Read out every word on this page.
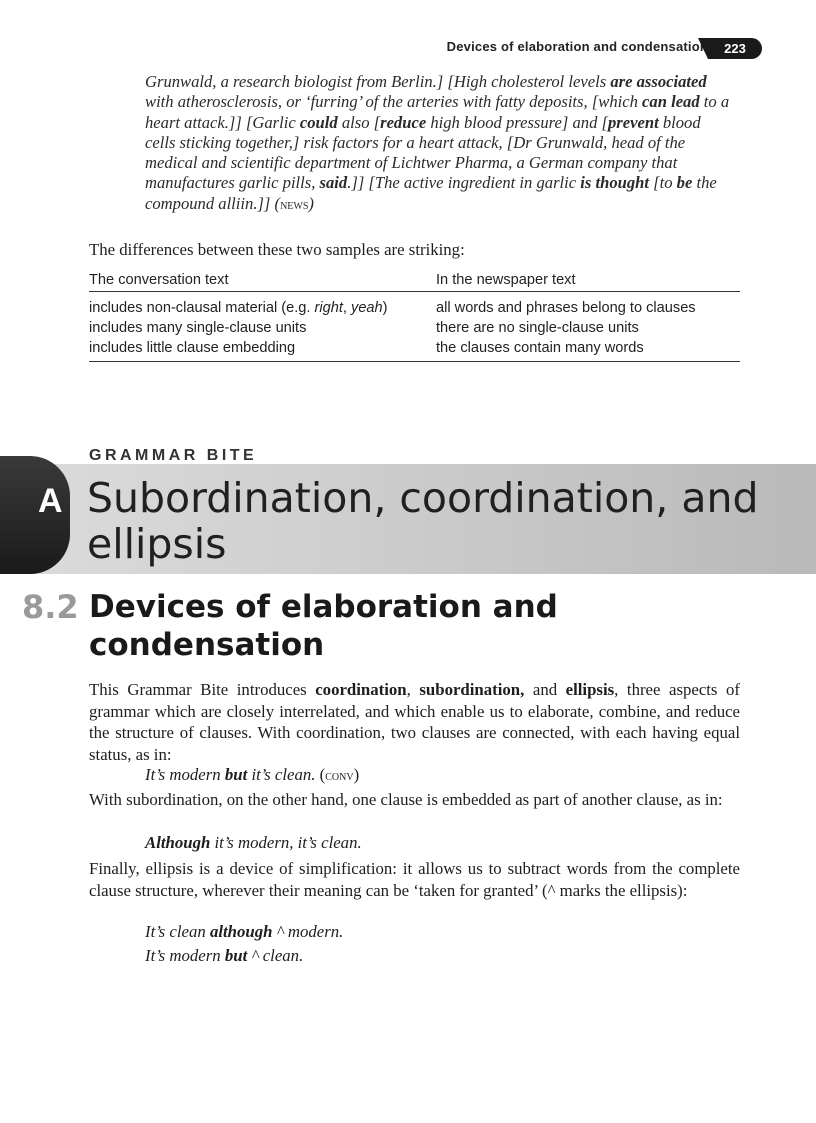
Devices of elaboration and condensation	223
Grunwald, a research biologist from Berlin.] [High cholesterol levels are associated with atherosclerosis, or ‘furring’ of the arteries with fatty deposits, [which can lead to a heart attack.]] [Garlic could also [reduce high blood pressure] and [prevent blood cells sticking together,] risk factors for a heart attack, [Dr Grunwald, head of the medical and scientific department of Lichtwer Pharma, a German company that manufactures garlic pills, said.]] [The active ingredient in garlic is thought [to be the compound alliin.]] (news)
The differences between these two samples are striking:
The conversation text	In the newspaper text
includes non-clausal material (e.g. right, yeah)	all words and phrases belong to clauses
includes many single-clause units	there are no single-clause units
includes little clause embedding	the clauses contain many words
GRAMMAR BITE
A Subordination, coordination, and ellipsis
8.2 Devices of elaboration and condensation
This Grammar Bite introduces coordination, subordination, and ellipsis, three aspects of grammar which are closely interrelated, and which enable us to elaborate, combine, and reduce the structure of clauses. With coordination, two clauses are connected, with each having equal status, as in:
It’s modern but it’s clean. (conv)
With subordination, on the other hand, one clause is embedded as part of another clause, as in:
Although it’s modern, it’s clean.
Finally, ellipsis is a device of simplification: it allows us to subtract words from the complete clause structure, wherever their meaning can be ‘taken for granted’ (^ marks the ellipsis):
It’s clean although ^ modern.
It’s modern but ^ clean.
